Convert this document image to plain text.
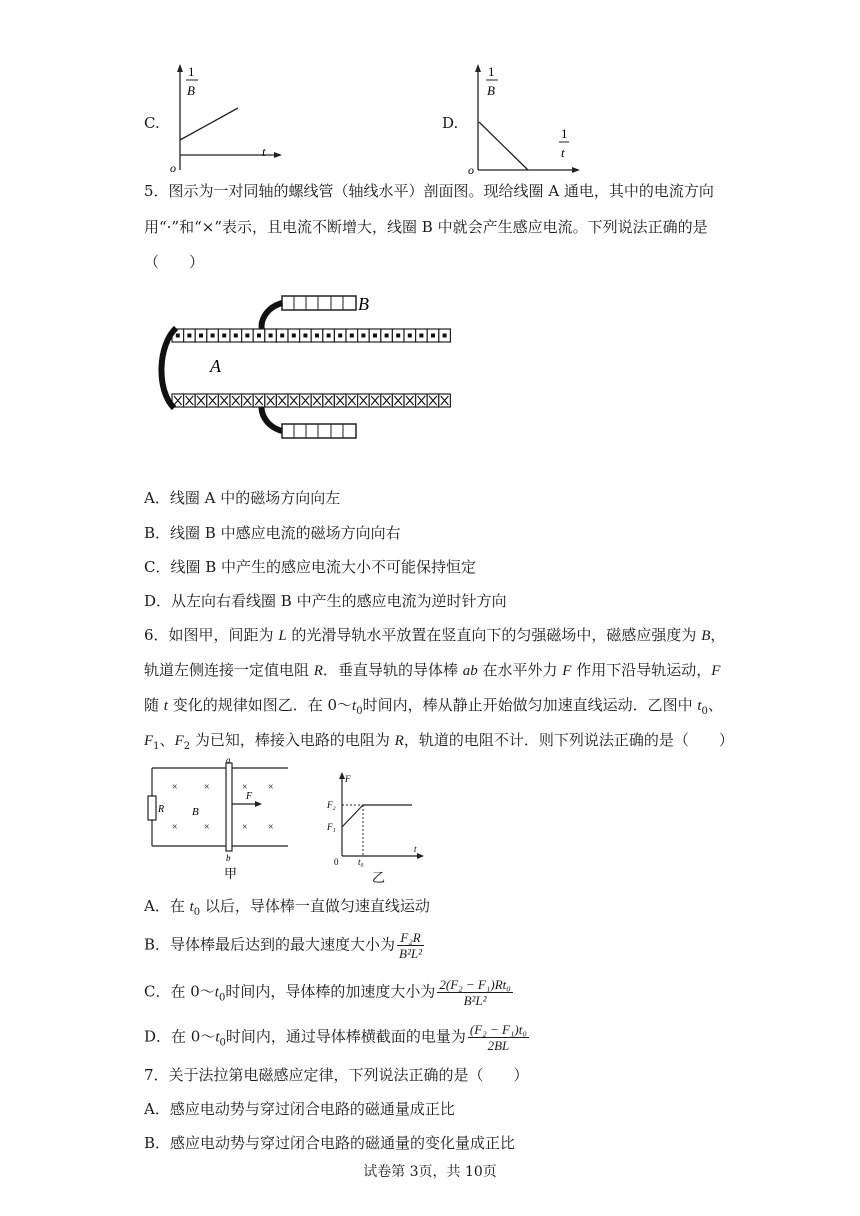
C.
1
B
t
o
D.
1
B
1
t
o
5．图示为一对同轴的螺线管（轴线水平）剖面图。现给线圈 A 通电，其中的电流方向
用“·”和“×”表示，且电流不断增大，线圈 B 中就会产生感应电流。下列说法正确的是
（　　）
B
A
A．线圈 A 中的磁场方向向左
B．线圈 B 中感应电流的磁场方向向右
C．线圈 B 中产生的感应电流大小不可能保持恒定
D．从左向右看线圈 B 中产生的感应电流为逆时针方向
6．如图甲，间距为 L 的光滑导轨水平放置在竖直向下的匀强磁场中，磁感应强度为 B，
轨道左侧连接一定值电阻 R．垂直导轨的导体棒 ab 在水平外力 F 作用下沿导轨运动，F
随 t 变化的规律如图乙．在 $0\sim t_0$时间内，棒从静止开始做匀加速直线运动．乙图中 $t_0$、
$F_1$、$F_2$ 为已知，棒接入电路的电阻为 R，轨道的电阻不计．则下列说法正确的是（　　）
R
a
b
F
B
×	×	× ×
×	×	× ×
甲
F
F₂
F₁
0 t₀
t
乙
A．在 $t_0$ 以后，导体棒一直做匀速直线运动
B．导体棒最后达到的最大速度大小为 $\frac{\text{F₂R}}{\text{B²L²}}$
C．在 $0\sim t_0$时间内，导体棒的加速度大小为 $\frac{\text{2(F₂ − F₁)Rt₀}}{\text{B²L²}}$
D．在 $0\sim t_0$时间内，通过导体棒横截面的电量为 $\frac{\text{(F₂ − F₁)t₀}}{2BL}$
7．关于法拉第电磁感应定律，下列说法正确的是（　　）
A．感应电动势与穿过闭合电路的磁通量成正比
B．感应电动势与穿过闭合电路的磁通量的变化量成正比
试卷第 3页，共 10页
